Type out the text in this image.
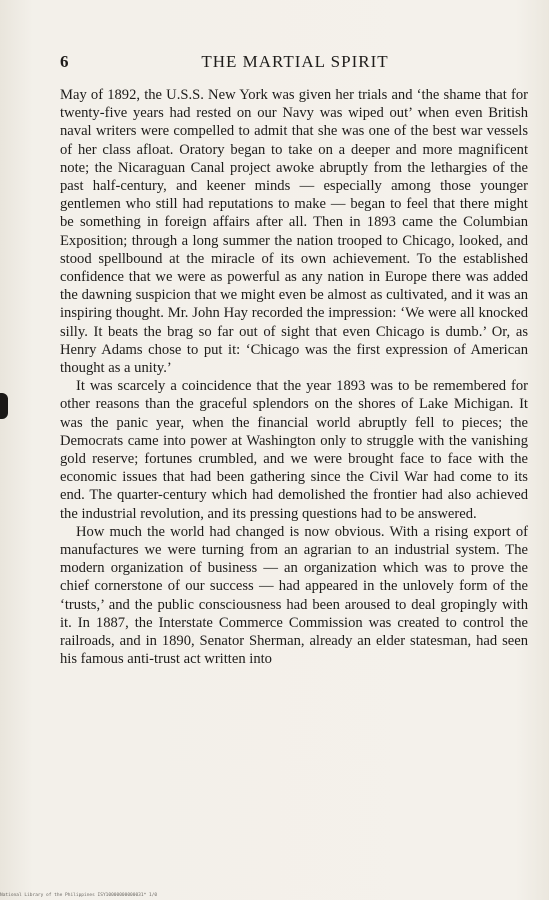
6	THE MARTIAL SPIRIT

May of 1892, the U.S.S. New York was given her trials and ‘the shame that for twenty-five years had rested on our Navy was wiped out’ when even British naval writers were compelled to admit that she was one of the best war vessels of her class afloat. Oratory began to take on a deeper and more magnificent note; the Nicaraguan Canal project awoke abruptly from the lethargies of the past half-century, and keener minds — especially among those younger gentlemen who still had reputations to make — began to feel that there might be something in foreign affairs after all. Then in 1893 came the Columbian Exposition; through a long summer the nation trooped to Chicago, looked, and stood spellbound at the miracle of its own achievement. To the established confidence that we were as powerful as any nation in Europe there was added the dawning suspicion that we might even be almost as cultivated, and it was an inspiring thought. Mr. John Hay recorded the impression: ‘We were all knocked silly. It beats the brag so far out of sight that even Chicago is dumb.’ Or, as Henry Adams chose to put it: ‘Chicago was the first expression of American thought as a unity.’

It was scarcely a coincidence that the year 1893 was to be remembered for other reasons than the graceful splendors on the shores of Lake Michigan. It was the panic year, when the financial world abruptly fell to pieces; the Democrats came into power at Washington only to struggle with the vanishing gold reserve; fortunes crumbled, and we were brought face to face with the economic issues that had been gathering since the Civil War had come to its end. The quarter-century which had demolished the frontier had also achieved the industrial revolution, and its pressing questions had to be answered.

How much the world had changed is now obvious. With a rising export of manufactures we were turning from an agrarian to an industrial system. The modern organization of business — an organization which was to prove the chief cornerstone of our success — had appeared in the unlovely form of the ‘trusts,’ and the public consciousness had been aroused to deal gropingly with it. In 1887, the Interstate Commerce Commission was created to control the railroads, and in 1890, Senator Sherman, already an elder statesman, had seen his famous anti-trust act written into

National Library of the Philippines ISY10000000000031* 1/0
